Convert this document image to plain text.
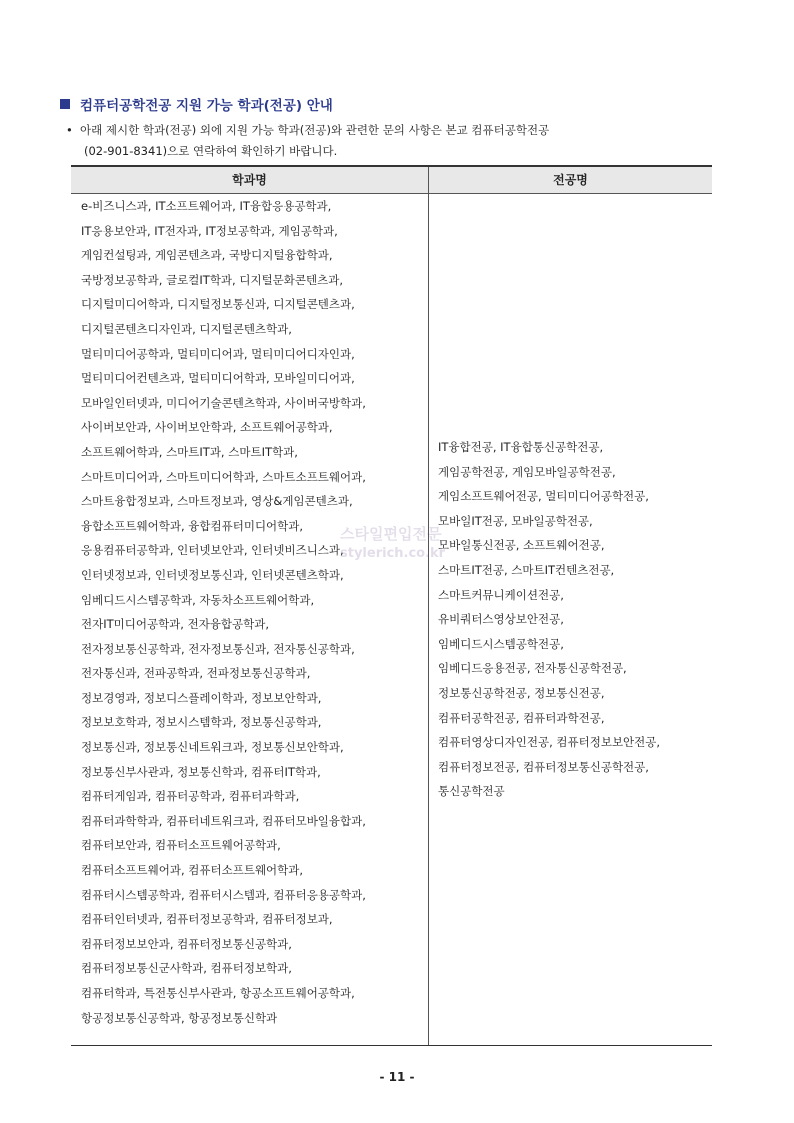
컴퓨터공학전공 지원 가능 학과(전공) 안내
• 아래 제시한 학과(전공) 외에 지원 가능 학과(전공)와 관련한 문의 사항은 본교 컴퓨터공학전공
(02-901-8341)으로 연락하여 확인하기 바랍니다.
학과명	전공명
e-비즈니스과, IT소프트웨어과, IT융합응용공학과,
IT응용보안과, IT전자과, IT정보공학과, 게임공학과,
게임컨설팅과, 게임콘텐츠과, 국방디지털융합학과,
국방정보공학과, 글로컬IT학과, 디지털문화콘텐츠과,
디지털미디어학과, 디지털정보통신과, 디지털콘텐츠과,
디지털콘텐츠디자인과, 디지털콘텐츠학과,
멀티미디어공학과, 멀티미디어과, 멀티미디어디자인과,
멀티미디어컨텐츠과, 멀티미디어학과, 모바일미디어과,
모바일인터넷과, 미디어기술콘텐츠학과, 사이버국방학과,
사이버보안과, 사이버보안학과, 소프트웨어공학과,
소프트웨어학과, 스마트IT과, 스마트IT학과,
스마트미디어과, 스마트미디어학과, 스마트소프트웨어과,
스마트융합정보과, 스마트정보과, 영상&게임콘텐츠과,
융합소프트웨어학과, 융합컴퓨터미디어학과,
응용컴퓨터공학과, 인터넷보안과, 인터넷비즈니스과,
인터넷정보과, 인터넷정보통신과, 인터넷콘텐츠학과,
임베디드시스템공학과, 자동차소프트웨어학과,
전자IT미디어공학과, 전자융합공학과,
전자정보통신공학과, 전자정보통신과, 전자통신공학과,
전자통신과, 전파공학과, 전파정보통신공학과,
정보경영과, 정보디스플레이학과, 정보보안학과,
정보보호학과, 정보시스템학과, 정보통신공학과,
정보통신과, 정보통신네트워크과, 정보통신보안학과,
정보통신부사관과, 정보통신학과, 컴퓨터IT학과,
컴퓨터게임과, 컴퓨터공학과, 컴퓨터과학과,
컴퓨터과학학과, 컴퓨터네트워크과, 컴퓨터모바일융합과,
컴퓨터보안과, 컴퓨터소프트웨어공학과,
컴퓨터소프트웨어과, 컴퓨터소프트웨어학과,
컴퓨터시스템공학과, 컴퓨터시스템과, 컴퓨터응용공학과,
컴퓨터인터넷과, 컴퓨터정보공학과, 컴퓨터정보과,
컴퓨터정보보안과, 컴퓨터정보통신공학과,
컴퓨터정보통신군사학과, 컴퓨터정보학과,
컴퓨터학과, 특전통신부사관과, 항공소프트웨어공학과,
항공정보통신공학과, 항공정보통신학과
IT융합전공, IT융합통신공학전공,
게임공학전공, 게임모바일공학전공,
게임소프트웨어전공, 멀티미디어공학전공,
모바일IT전공, 모바일공학전공,
모바일통신전공, 소프트웨어전공,
스마트IT전공, 스마트IT컨텐츠전공,
스마트커뮤니케이션전공,
유비쿼터스영상보안전공,
임베디드시스템공학전공,
임베디드응용전공, 전자통신공학전공,
정보통신공학전공, 정보통신전공,
컴퓨터공학전공, 컴퓨터과학전공,
컴퓨터영상디자인전공, 컴퓨터정보보안전공,
컴퓨터정보전공, 컴퓨터정보통신공학전공,
통신공학전공
스타일편입전문
stylerich.co.kr
- 11 -
